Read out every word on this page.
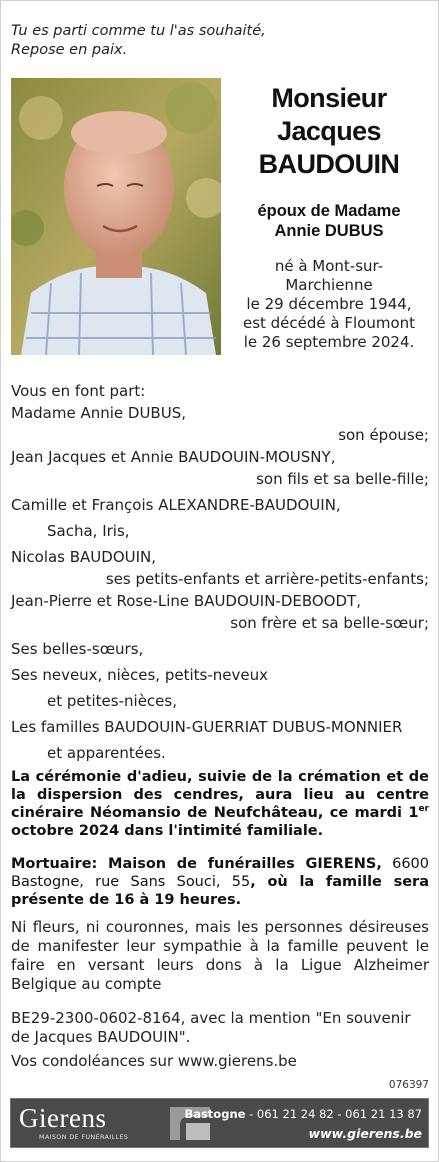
Tu es parti comme tu l'as souhaité,
Repose en paix.
Monsieur
Jacques
BAUDOUIN
époux de Madame
Annie DUBUS
né à Mont-sur-
Marchienne
le 29 décembre 1944,
est décédé à Floumont
le 26 septembre 2024.
Vous en font part:
Madame Annie DUBUS,
son épouse;
Jean Jacques et Annie BAUDOUIN-MOUSNY,
son fils et sa belle-fille;
Camille et François ALEXANDRE-BAUDOUIN,
Sacha, Iris,
Nicolas BAUDOUIN,
ses petits-enfants et arrière-petits-enfants;
Jean-Pierre et Rose-Line BAUDOUIN-DEBOODT,
son frère et sa belle-sœur;
Ses belles-sœurs,
Ses neveux, nièces, petits-neveux
et petites-nièces,
Les familles BAUDOUIN-GUERRIAT DUBUS-MONNIER
et apparentées.
La cérémonie d'adieu, suivie de la crémation et de la dispersion des cendres, aura lieu au centre cinéraire Néomansio de Neufchâteau, ce mardi 1er octobre 2024 dans l'intimité familiale.
Mortuaire: Maison de funérailles GIERENS, 6600 Bastogne, rue Sans Souci, 55, où la famille sera présente de 16 à 19 heures.
Ni fleurs, ni couronnes, mais les personnes désireuses de manifester leur sympathie à la famille peuvent le faire en versant leurs dons à la Ligue Alzheimer Belgique au compte
BE29-2300-0602-8164, avec la mention "En souvenir de Jacques BAUDOUIN".
Vos condoléances sur www.gierens.be
076397
Gierens
MAISON DE FUNÉRAILLES
Bastogne - 061 21 24 82 - 061 21 13 87
www.gierens.be
